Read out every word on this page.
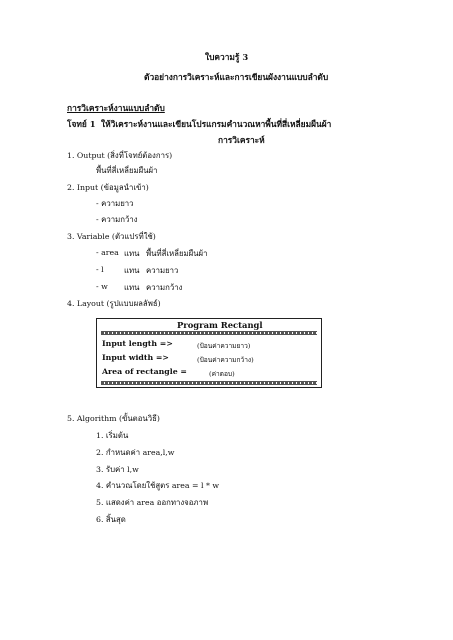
ใบความรู้ 3
ตัวอย่างการวิเคราะห์และการเขียนผังงานแบบลำดับ
การวิเคราะห์งานแบบลำดับ
โจทย์ 1 ให้วิเคราะห์งานและเขียนโปรแกรมคำนวณหาพื้นที่สี่เหลี่ยมผืนผ้า
การวิเคราะห์
1. Output (สิ่งที่โจทย์ต้องการ)
พื้นที่สี่เหลี่ยมผืนผ้า
2. Input (ข้อมูลนำเข้า)
- ความยาว
- ความกว้าง
3. Variable (ตัวแปรที่ใช้)
- area แทน พื้นที่สี่เหลี่ยมผืนผ้า
- l	แทน ความยาว
- w แทน ความกว้าง
4. Layout (รูปแบบผลลัพธ์)
Program Rectangl
Input length =>	(ป้อนค่าความยาว)
Input width =>	(ป้อนค่าความกว้าง)
Area of rectangle =	(ค่าตอบ)
5. Algorithm (ขั้นตอนวิธี)
1. เริ่มต้น
2. กำหนดค่า area,l,w
3. รับค่า l,w
4. คำนวณโดยใช้สูตร area = l * w
5. แสดงค่า area ออกทางจอภาพ
6. สิ้นสุด
